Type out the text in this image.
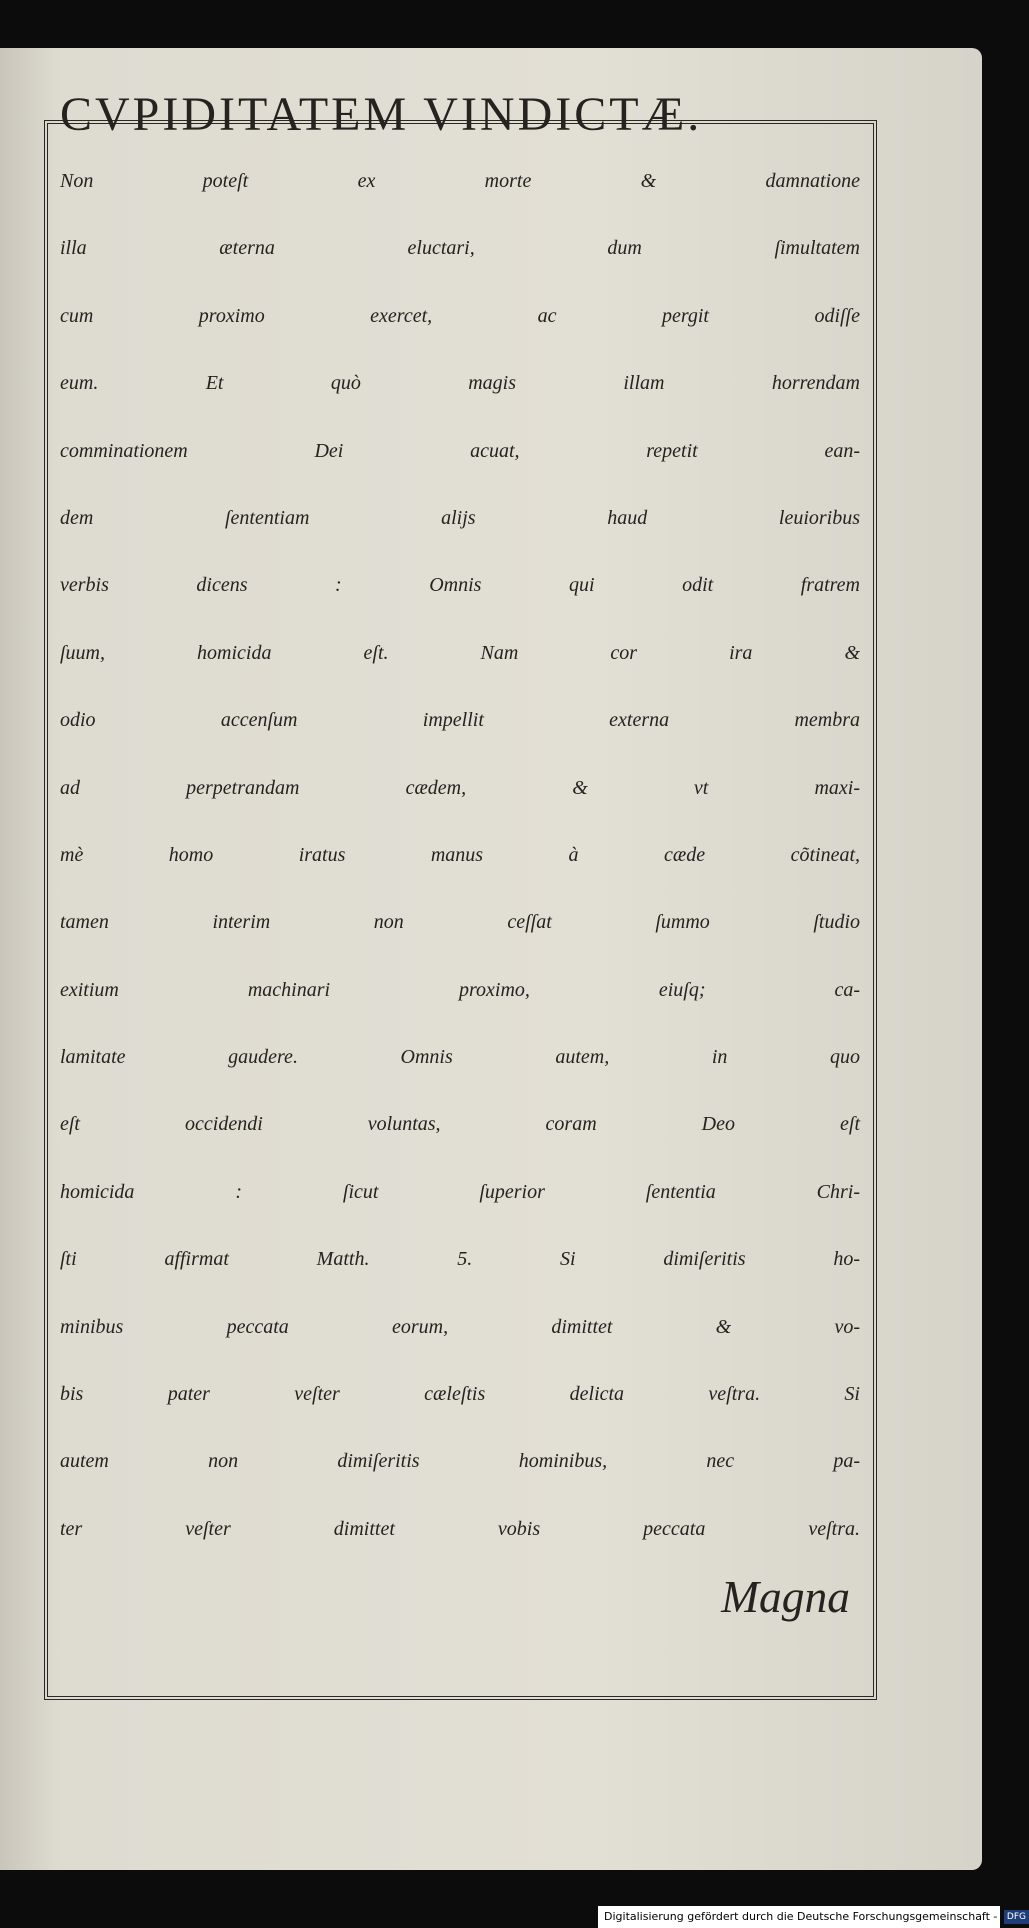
CVPIDITATEM VINDICTÆ.
Non poteſt ex morte & damnatione
illa æterna eluctari, dum ſimultatem
cum proximo exercet, ac pergit odiſſe
eum. Et quò magis illam horrendam
comminationem Dei acuat, repetit ean-
dem ſententiam alijs haud leuioribus
verbis dicens : Omnis qui odit fratrem
ſuum, homicida eſt. Nam cor ira &
odio accenſum impellit externa membra
ad perpetrandam cædem, & vt maxi-
mè homo iratus manus à cæde cõtineat,
tamen interim non ceſſat ſummo ſtudio
exitium machinari proximo, eiuſq; ca-
lamitate gaudere. Omnis autem, in quo
eſt occidendi voluntas, coram Deo eſt
homicida : ſicut ſuperior ſententia Chri-
ſti affirmat Matth. 5. Si dimiſeritis ho-
minibus peccata eorum, dimittet & vo-
bis pater veſter cæleſtis delicta veſtra. Si
autem non dimiſeritis hominibus, nec pa-
ter veſter dimittet vobis peccata veſtra.
Magna
Digitalisierung gefördert durch die Deutsche Forschungsgemeinschaft - DFG
